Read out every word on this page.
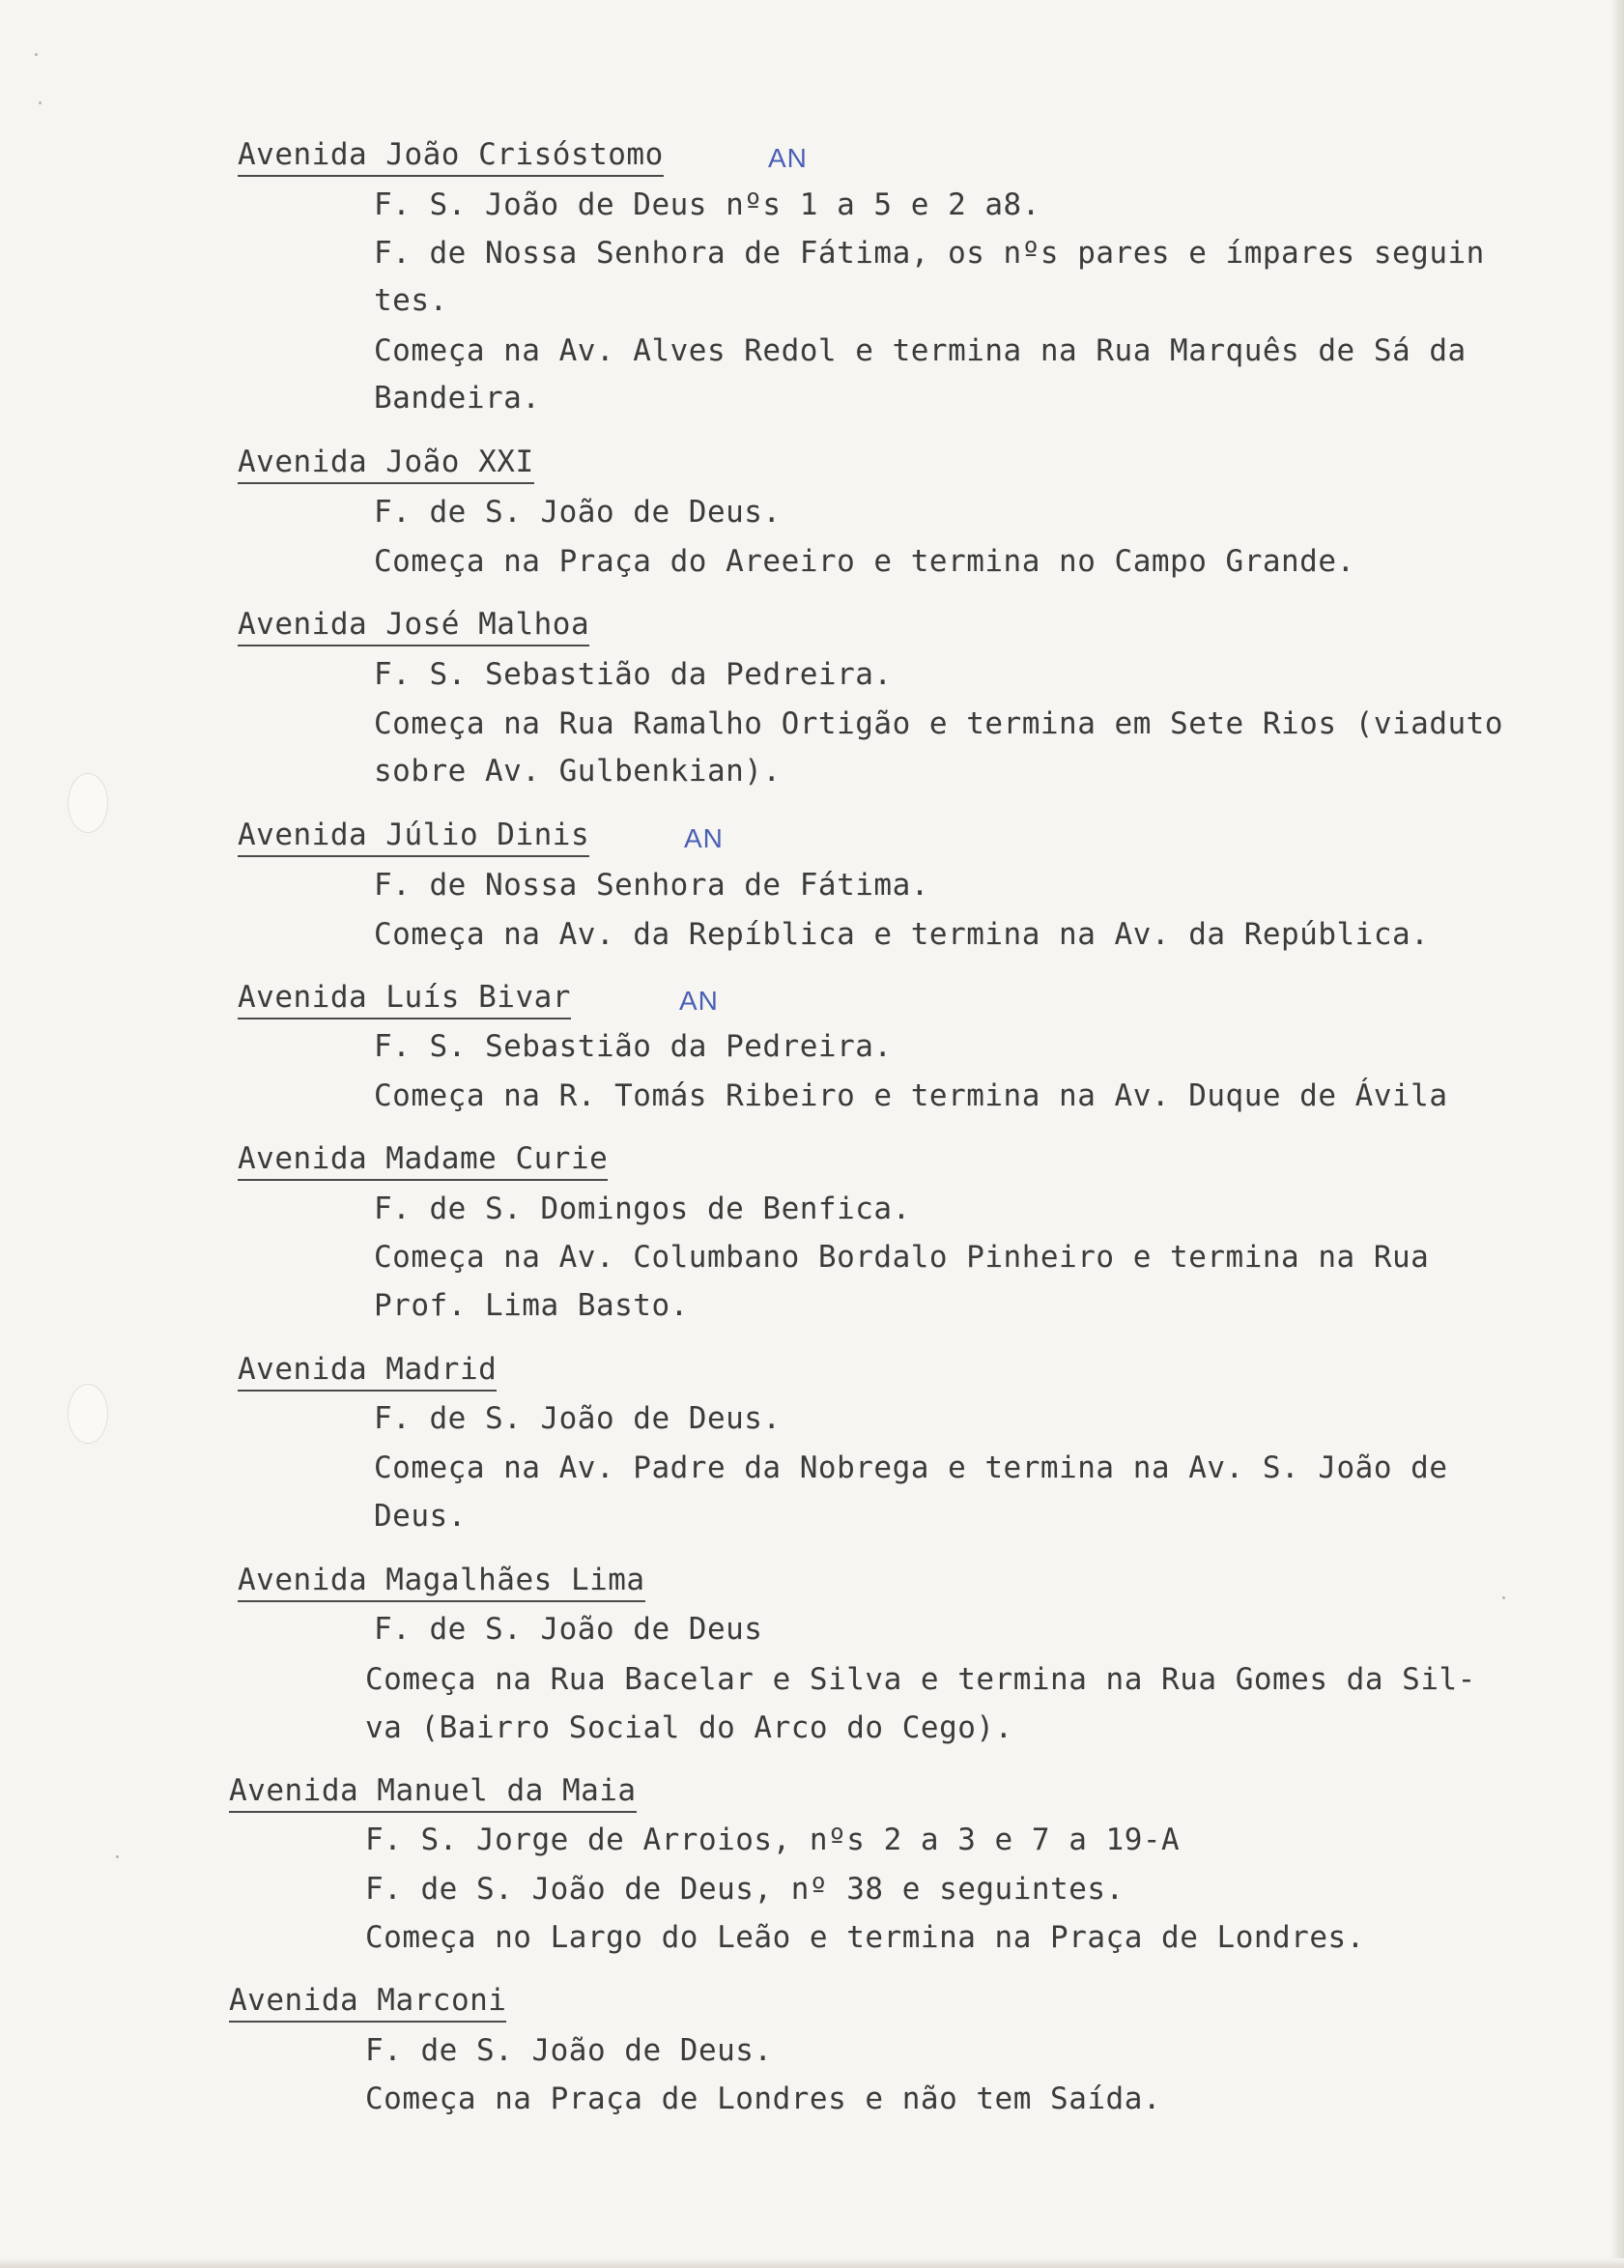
Avenida João Crisóstomo	AN
F. S. João de Deus nºs 1 a 5 e 2 a8.
F. de Nossa Senhora de Fátima, os nºs pares e ímpares seguin
tes.
Começa na Av. Alves Redol e termina na Rua Marquês de Sá da
Bandeira.
Avenida João XXI
F. de S. João de Deus.
Começa na Praça do Areeiro e termina no Campo Grande.
Avenida José Malhoa
F. S. Sebastião da Pedreira.
Começa na Rua Ramalho Ortigão e termina em Sete Rios (viaduto
sobre Av. Gulbenkian).
Avenida Júlio Dinis	AN
F. de Nossa Senhora de Fátima.
Começa na Av. da Repíblica e termina na Av. da República.
Avenida Luís Bivar	AN
F. S. Sebastião da Pedreira.
Começa na R. Tomás Ribeiro e termina na Av. Duque de Ávila
Avenida Madame Curie
F. de S. Domingos de Benfica.
Começa na Av. Columbano Bordalo Pinheiro e termina na Rua
Prof. Lima Basto.
Avenida Madrid
F. de S. João de Deus.
Começa na Av. Padre da Nobrega e termina na Av. S. João de
Deus.
Avenida Magalhães Lima
F. de S. João de Deus
Começa na Rua Bacelar e Silva e termina na Rua Gomes da Sil-
va (Bairro Social do Arco do Cego).
Avenida Manuel da Maia
F. S. Jorge de Arroios, nºs 2 a 3 e 7 a 19-A
F. de S. João de Deus, nº 38 e seguintes.
Começa no Largo do Leão e termina na Praça de Londres.
Avenida Marconi
F. de S. João de Deus.
Começa na Praça de Londres e não tem Saída.
